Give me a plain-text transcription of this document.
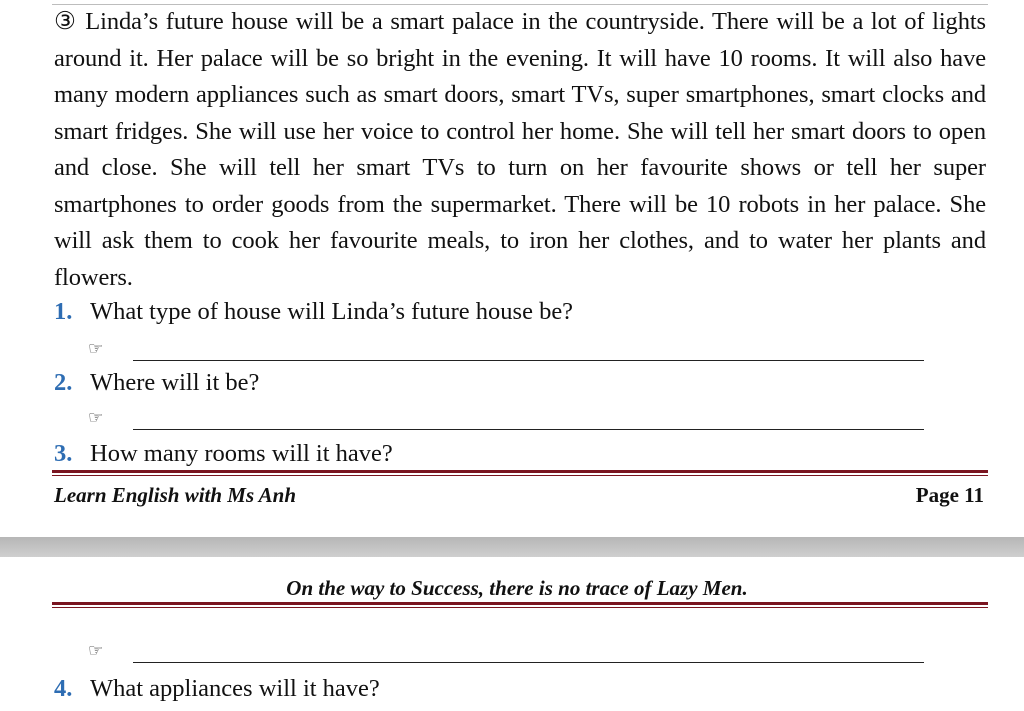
③ Linda’s future house will be a smart palace in the countryside. There will be a lot of lights around it. Her palace will be so bright in the evening. It will have 10 rooms. It will also have many modern appliances such as smart doors, smart TVs, super smartphones, smart clocks and smart fridges. She will use her voice to control her home. She will tell her smart doors to open and close. She will tell her smart TVs to turn on her favourite shows or tell her super smartphones to order goods from the supermarket. There will be 10 robots in her palace. She will ask them to cook her favourite meals, to iron her clothes, and to water her plants and flowers.
1. What type of house will Linda’s future house be?
☞
2. Where will it be?
☞
3. How many rooms will it have?
Learn English with Ms Anh	Page 11
On the way to Success, there is no trace of Lazy Men.
☞
4. What appliances will it have?
